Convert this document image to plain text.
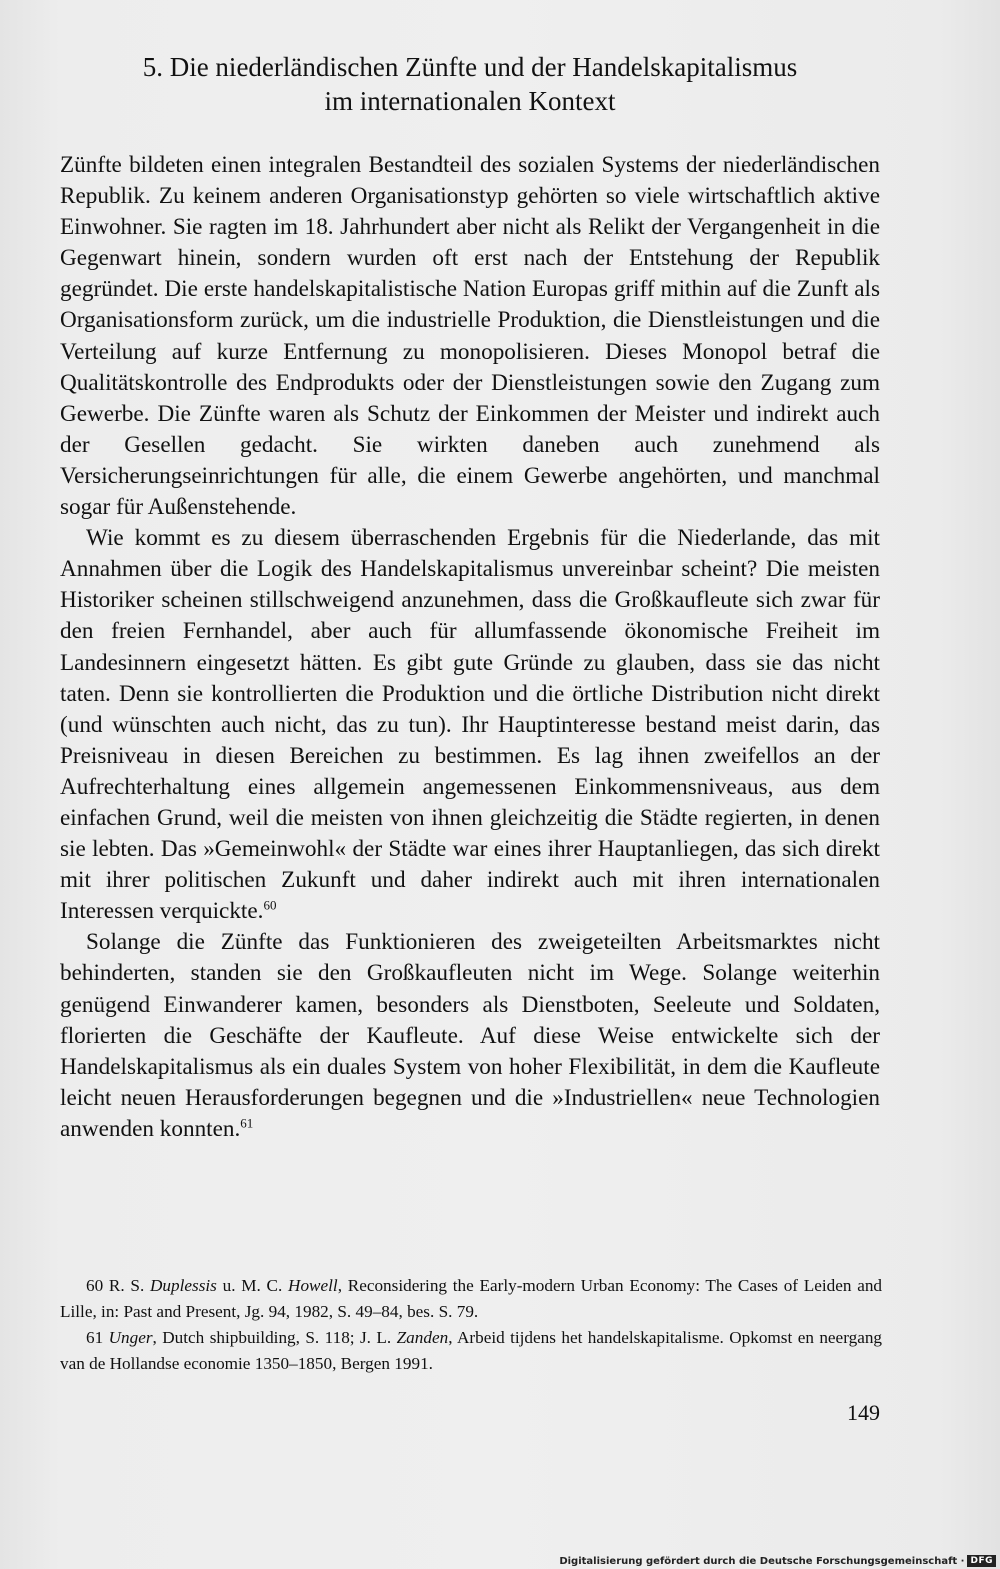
5. Die niederländischen Zünfte und der Handelskapitalismus
im internationalen Kontext

Zünfte bildeten einen integralen Bestandteil des sozialen Systems der niederländischen Republik. Zu keinem anderen Organisationstyp gehörten so viele wirtschaftlich aktive Einwohner. Sie ragten im 18. Jahrhundert aber nicht als Relikt der Vergangenheit in die Gegenwart hinein, sondern wurden oft erst nach der Entstehung der Republik gegründet. Die erste handelskapitalistische Nation Europas griff mithin auf die Zunft als Organisationsform zurück, um die industrielle Produktion, die Dienstleistungen und die Verteilung auf kurze Entfernung zu monopolisieren. Dieses Monopol betraf die Qualitätskontrolle des Endprodukts oder der Dienstleistungen sowie den Zugang zum Gewerbe. Die Zünfte waren als Schutz der Einkommen der Meister und indirekt auch der Gesellen gedacht. Sie wirkten daneben auch zunehmend als Versicherungseinrichtungen für alle, die einem Gewerbe angehörten, und manchmal sogar für Außenstehende.

Wie kommt es zu diesem überraschenden Ergebnis für die Niederlande, das mit Annahmen über die Logik des Handelskapitalismus unvereinbar scheint? Die meisten Historiker scheinen stillschweigend anzunehmen, dass die Großkaufleute sich zwar für den freien Fernhandel, aber auch für allumfassende ökonomische Freiheit im Landesinnern eingesetzt hätten. Es gibt gute Gründe zu glauben, dass sie das nicht taten. Denn sie kontrollierten die Produktion und die örtliche Distribution nicht direkt (und wünschten auch nicht, das zu tun). Ihr Hauptinteresse bestand meist darin, das Preisniveau in diesen Bereichen zu bestimmen. Es lag ihnen zweifellos an der Aufrechterhaltung eines allgemein angemessenen Einkommensniveaus, aus dem einfachen Grund, weil die meisten von ihnen gleichzeitig die Städte regierten, in denen sie lebten. Das »Gemeinwohl« der Städte war eines ihrer Hauptanliegen, das sich direkt mit ihrer politischen Zukunft und daher indirekt auch mit ihren internationalen Interessen verquickte.$^{60}$

Solange die Zünfte das Funktionieren des zweigeteilten Arbeitsmarktes nicht behinderten, standen sie den Großkaufleuten nicht im Wege. Solange weiterhin genügend Einwanderer kamen, besonders als Dienstboten, Seeleute und Soldaten, florierten die Geschäfte der Kaufleute. Auf diese Weise entwickelte sich der Handelskapitalismus als ein duales System von hoher Flexibilität, in dem die Kaufleute leicht neuen Herausforderungen begegnen und die »Industriellen« neue Technologien anwenden konnten.$^{61}$

60 R. S. Duplessis u. M. C. Howell, Reconsidering the Early-modern Urban Economy: The Cases of Leiden and Lille, in: Past and Present, Jg. 94, 1982, S. 49–84, bes. S. 79.

61 Unger, Dutch shipbuilding, S. 118; J. L. Zanden, Arbeid tijdens het handelskapitalisme. Opkomst en neergang van de Hollandse economie 1350–1850, Bergen 1991.

149
Digitalisierung gefördert durch die Deutsche Forschungsgemeinschaft · DFG
